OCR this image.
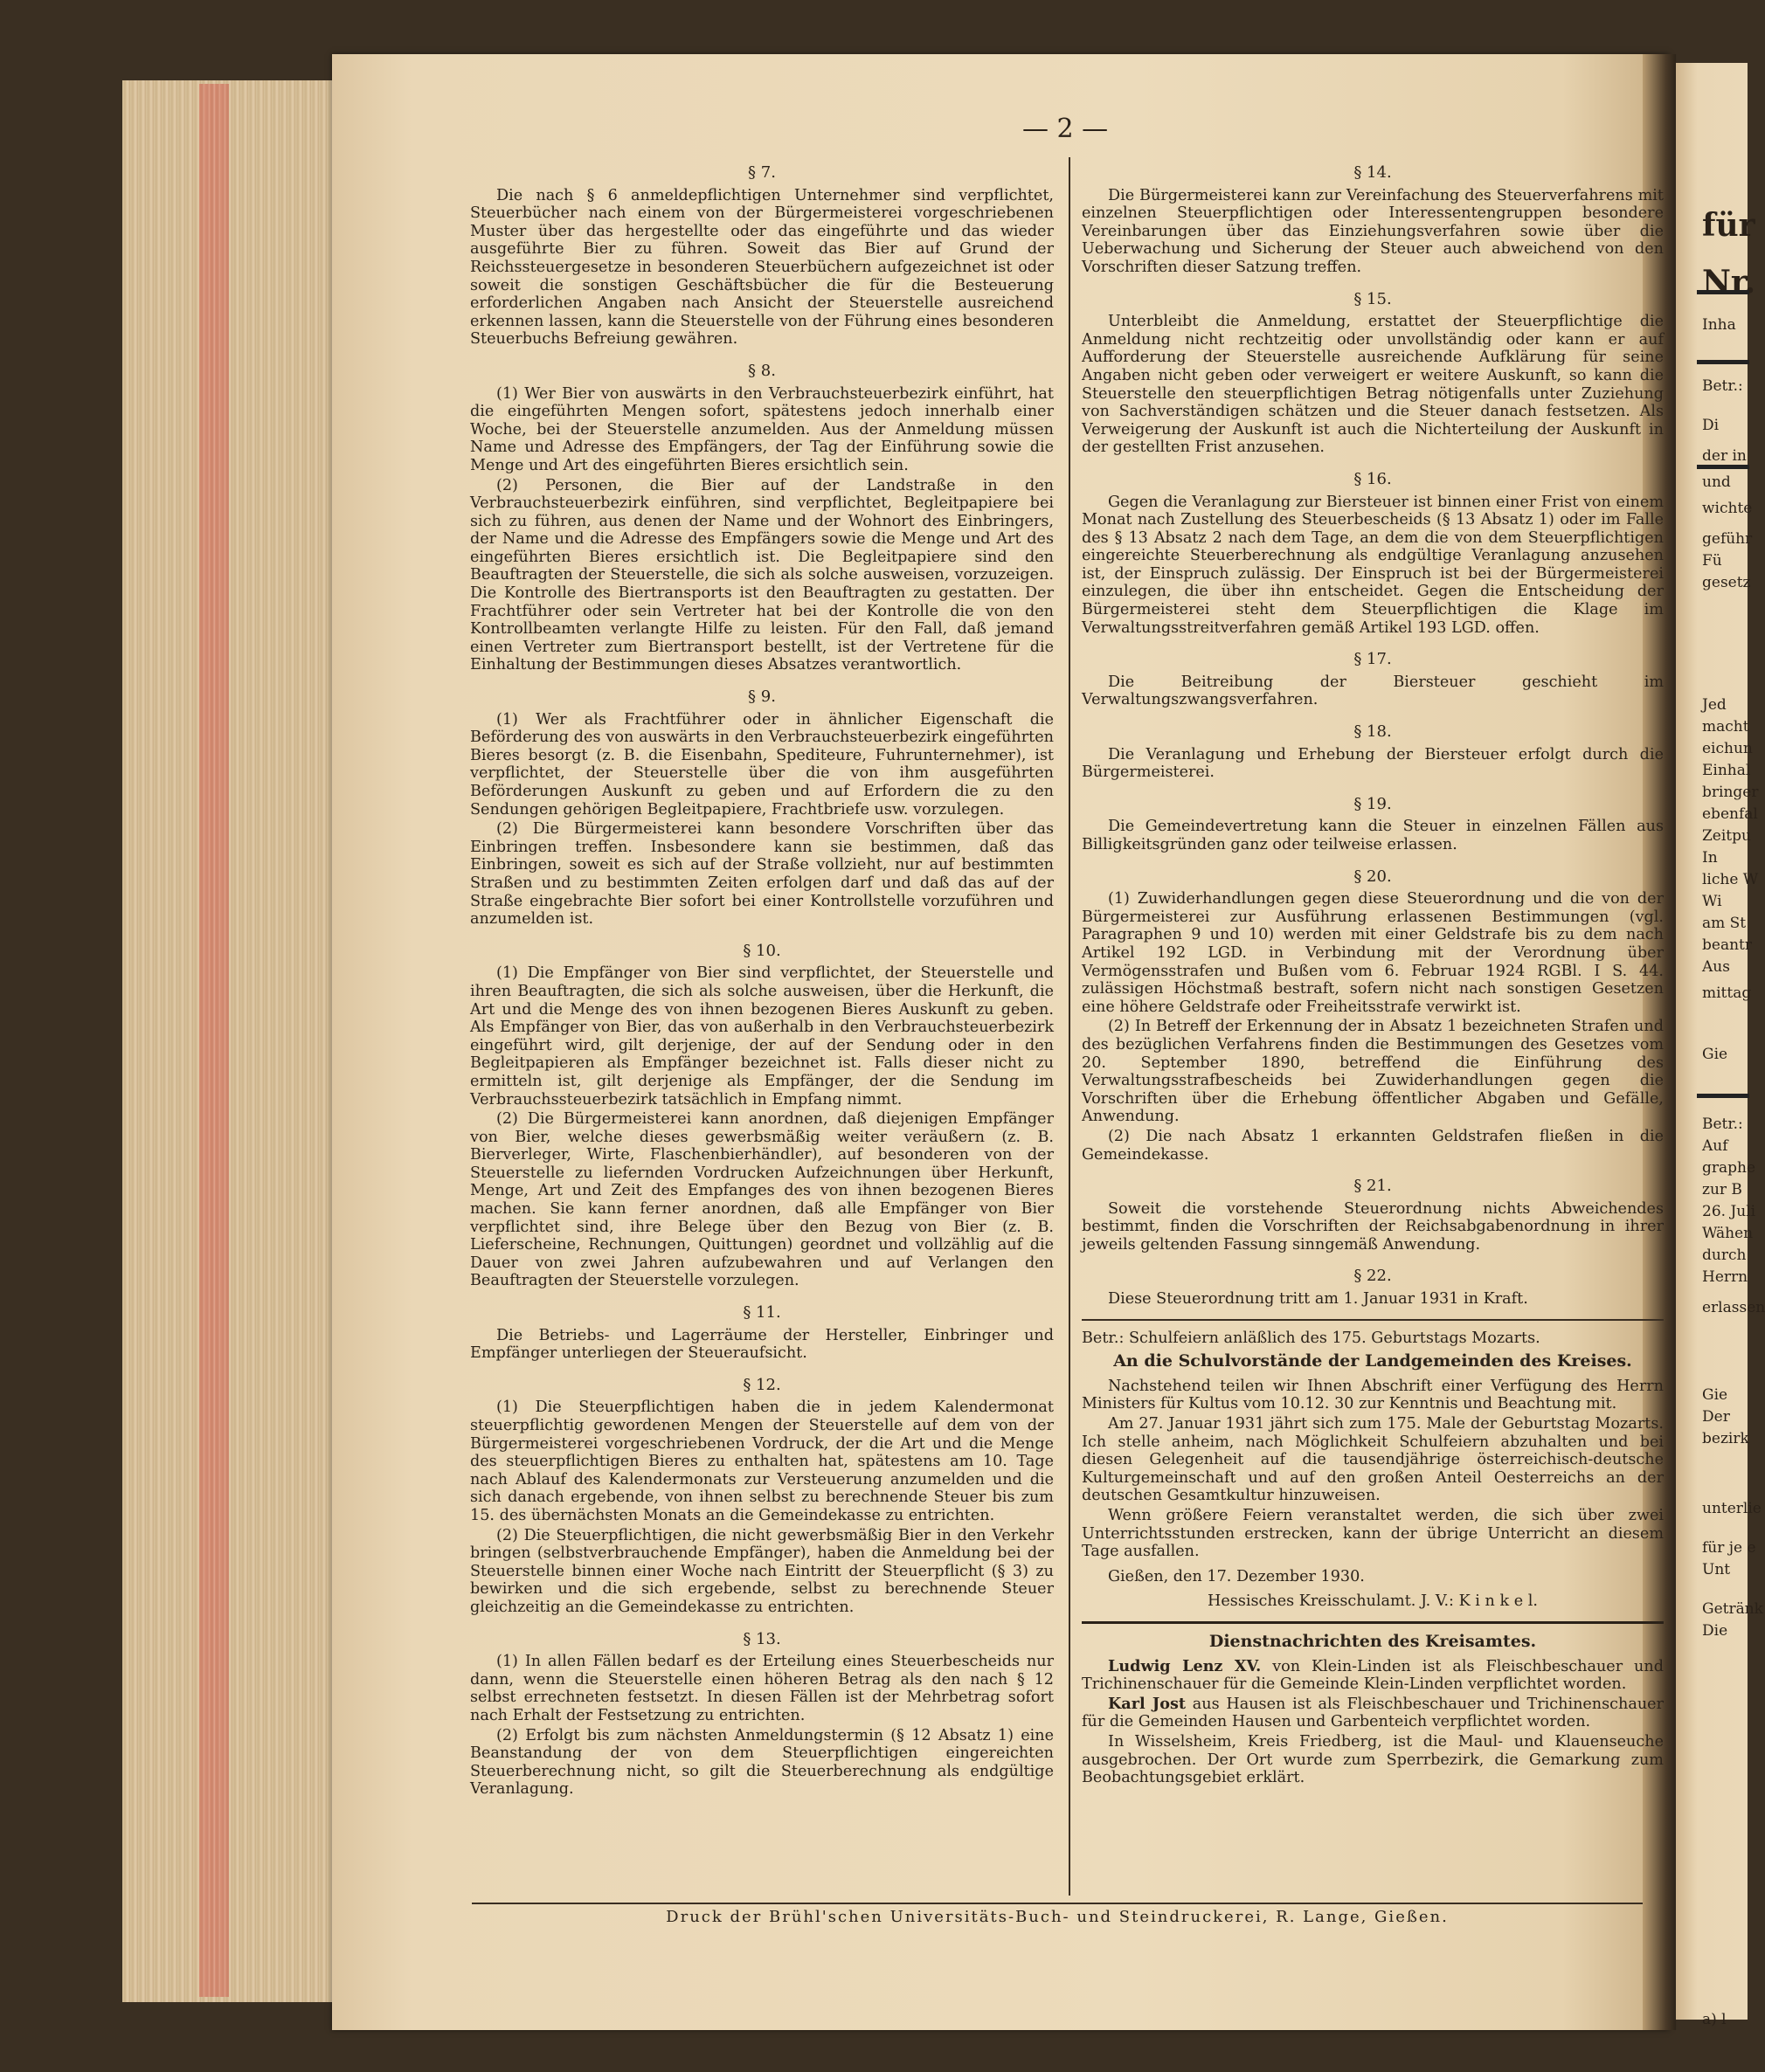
für
Nr.
Inha
Betr.:
Di
der in
und
wichte
geführ
Fü
gesetz
Jed
macht
eichun
Einhal
bringer
ebenfal
Zeitpu
In
liche W
Wi
am St
beantr
Aus
mittag
Gie
Betr.:
Auf
graphe
zur B
26. Juli
Wähen
durch
Herrn
erlassen
Gie
Der
bezirk
unterlie
für je e
Unt
Getränk
Die
a) l
— 2 —
§ 7.

Die nach § 6 anmeldepflichtigen Unternehmer sind verpflichtet, Steuerbücher nach einem von der Bürgermeisterei vorgeschriebenen Muster über das hergestellte oder das eingeführte und das wieder ausgeführte Bier zu führen. Soweit das Bier auf Grund der Reichssteuergesetze in besonderen Steuerbüchern aufgezeichnet ist oder soweit die sonstigen Geschäftsbücher die für die Besteuerung erforderlichen Angaben nach Ansicht der Steuerstelle ausreichend erkennen lassen, kann die Steuerstelle von der Führung eines besonderen Steuerbuchs Befreiung gewähren.

§ 8.

(1) Wer Bier von auswärts in den Verbrauchsteuerbezirk einführt, hat die eingeführten Mengen sofort, spätestens jedoch innerhalb einer Woche, bei der Steuerstelle anzumelden. Aus der Anmeldung müssen Name und Adresse des Empfängers, der Tag der Einführung sowie die Menge und Art des eingeführten Bieres ersichtlich sein.

(2) Personen, die Bier auf der Landstraße in den Verbrauchsteuerbezirk einführen, sind verpflichtet, Begleitpapiere bei sich zu führen, aus denen der Name und der Wohnort des Einbringers, der Name und die Adresse des Empfängers sowie die Menge und Art des eingeführten Bieres ersichtlich ist. Die Begleitpapiere sind den Beauftragten der Steuerstelle, die sich als solche ausweisen, vorzuzeigen. Die Kontrolle des Biertransports ist den Beauftragten zu gestatten. Der Frachtführer oder sein Vertreter hat bei der Kontrolle die von den Kontrollbeamten verlangte Hilfe zu leisten. Für den Fall, daß jemand einen Vertreter zum Biertransport bestellt, ist der Vertretene für die Einhaltung der Bestimmungen dieses Absatzes verantwortlich.

§ 9.

(1) Wer als Frachtführer oder in ähnlicher Eigenschaft die Beförderung des von auswärts in den Verbrauchsteuerbezirk eingeführten Bieres besorgt (z. B. die Eisenbahn, Spediteure, Fuhrunternehmer), ist verpflichtet, der Steuerstelle über die von ihm ausgeführten Beförderungen Auskunft zu geben und auf Erfordern die zu den Sendungen gehörigen Begleitpapiere, Frachtbriefe usw. vorzulegen.

(2) Die Bürgermeisterei kann besondere Vorschriften über das Einbringen treffen. Insbesondere kann sie bestimmen, daß das Einbringen, soweit es sich auf der Straße vollzieht, nur auf bestimmten Straßen und zu bestimmten Zeiten erfolgen darf und daß das auf der Straße eingebrachte Bier sofort bei einer Kontrollstelle vorzuführen und anzumelden ist.

§ 10.

(1) Die Empfänger von Bier sind verpflichtet, der Steuerstelle und ihren Beauftragten, die sich als solche ausweisen, über die Herkunft, die Art und die Menge des von ihnen bezogenen Bieres Auskunft zu geben. Als Empfänger von Bier, das von außerhalb in den Verbrauchsteuerbezirk eingeführt wird, gilt derjenige, der auf der Sendung oder in den Begleitpapieren als Empfänger bezeichnet ist. Falls dieser nicht zu ermitteln ist, gilt derjenige als Empfänger, der die Sendung im Verbrauchssteuerbezirk tatsächlich in Empfang nimmt.

(2) Die Bürgermeisterei kann anordnen, daß diejenigen Empfänger von Bier, welche dieses gewerbsmäßig weiter veräußern (z. B. Bierverleger, Wirte, Flaschenbierhändler), auf besonderen von der Steuerstelle zu liefernden Vordrucken Aufzeichnungen über Herkunft, Menge, Art und Zeit des Empfanges des von ihnen bezogenen Bieres machen. Sie kann ferner anordnen, daß alle Empfänger von Bier verpflichtet sind, ihre Belege über den Bezug von Bier (z. B. Lieferscheine, Rechnungen, Quittungen) geordnet und vollzählig auf die Dauer von zwei Jahren aufzubewahren und auf Verlangen den Beauftragten der Steuerstelle vorzulegen.

§ 11.

Die Betriebs- und Lagerräume der Hersteller, Einbringer und Empfänger unterliegen der Steueraufsicht.

§ 12.

(1) Die Steuerpflichtigen haben die in jedem Kalendermonat steuerpflichtig gewordenen Mengen der Steuerstelle auf dem von der Bürgermeisterei vorgeschriebenen Vordruck, der die Art und die Menge des steuerpflichtigen Bieres zu enthalten hat, spätestens am 10. Tage nach Ablauf des Kalendermonats zur Versteuerung anzumelden und die sich danach ergebende, von ihnen selbst zu berechnende Steuer bis zum 15. des übernächsten Monats an die Gemeindekasse zu entrichten.

(2) Die Steuerpflichtigen, die nicht gewerbsmäßig Bier in den Verkehr bringen (selbstverbrauchende Empfänger), haben die Anmeldung bei der Steuerstelle binnen einer Woche nach Eintritt der Steuerpflicht (§ 3) zu bewirken und die sich ergebende, selbst zu berechnende Steuer gleichzeitig an die Gemeindekasse zu entrichten.

§ 13.

(1) In allen Fällen bedarf es der Erteilung eines Steuerbescheids nur dann, wenn die Steuerstelle einen höheren Betrag als den nach § 12 selbst errechneten festsetzt. In diesen Fällen ist der Mehrbetrag sofort nach Erhalt der Festsetzung zu entrichten.

(2) Erfolgt bis zum nächsten Anmeldungstermin (§ 12 Absatz 1) eine Beanstandung der von dem Steuerpflichtigen eingereichten Steuerberechnung nicht, so gilt die Steuerberechnung als endgültige Veranlagung.

§ 14.

Die Bürgermeisterei kann zur Vereinfachung des Steuerverfahrens mit einzelnen Steuerpflichtigen oder Interessentengruppen besondere Vereinbarungen über das Einziehungsverfahren sowie über die Ueberwachung und Sicherung der Steuer auch abweichend von den Vorschriften dieser Satzung treffen.

§ 15.

Unterbleibt die Anmeldung, erstattet der Steuerpflichtige die Anmeldung nicht rechtzeitig oder unvollständig oder kann er auf Aufforderung der Steuerstelle ausreichende Aufklärung für seine Angaben nicht geben oder verweigert er weitere Auskunft, so kann die Steuerstelle den steuerpflichtigen Betrag nötigenfalls unter Zuziehung von Sachverständigen schätzen und die Steuer danach festsetzen. Als Verweigerung der Auskunft ist auch die Nichterteilung der Auskunft in der gestellten Frist anzusehen.

§ 16.

Gegen die Veranlagung zur Biersteuer ist binnen einer Frist von einem Monat nach Zustellung des Steuerbescheids (§ 13 Absatz 1) oder im Falle des § 13 Absatz 2 nach dem Tage, an dem die von dem Steuerpflichtigen eingereichte Steuerberechnung als endgültige Veranlagung anzusehen ist, der Einspruch zulässig. Der Einspruch ist bei der Bürgermeisterei einzulegen, die über ihn entscheidet. Gegen die Entscheidung der Bürgermeisterei steht dem Steuerpflichtigen die Klage im Verwaltungsstreitverfahren gemäß Artikel 193 LGD. offen.

§ 17.

Die Beitreibung der Biersteuer geschieht im Verwaltungszwangsverfahren.

§ 18.

Die Veranlagung und Erhebung der Biersteuer erfolgt durch die Bürgermeisterei.

§ 19.

Die Gemeindevertretung kann die Steuer in einzelnen Fällen aus Billigkeitsgründen ganz oder teilweise erlassen.

§ 20.

(1) Zuwiderhandlungen gegen diese Steuerordnung und die von der Bürgermeisterei zur Ausführung erlassenen Bestimmungen (vgl. Paragraphen 9 und 10) werden mit einer Geldstrafe bis zu dem nach Artikel 192 LGD. in Verbindung mit der Verordnung über Vermögensstrafen und Bußen vom 6. Februar 1924 RGBl. I S. 44. zulässigen Höchstmaß bestraft, sofern nicht nach sonstigen Gesetzen eine höhere Geldstrafe oder Freiheitsstrafe verwirkt ist.

(2) In Betreff der Erkennung der in Absatz 1 bezeichneten Strafen und des bezüglichen Verfahrens finden die Bestimmungen des Gesetzes vom 20. September 1890, betreffend die Einführung des Verwaltungsstrafbescheids bei Zuwiderhandlungen gegen die Vorschriften über die Erhebung öffentlicher Abgaben und Gefälle, Anwendung.

(2) Die nach Absatz 1 erkannten Geldstrafen fließen in die Gemeindekasse.

§ 21.

Soweit die vorstehende Steuerordnung nichts Abweichendes bestimmt, finden die Vorschriften der Reichsabgabenordnung in ihrer jeweils geltenden Fassung sinngemäß Anwendung.

§ 22.

Diese Steuerordnung tritt am 1. Januar 1931 in Kraft.

Betr.: Schulfeiern anläßlich des 175. Geburtstags Mozarts.

An die Schulvorstände der Landgemeinden des Kreises.

Nachstehend teilen wir Ihnen Abschrift einer Verfügung des Herrn Ministers für Kultus vom 10.12. 30 zur Kenntnis und Beachtung mit.

Am 27. Januar 1931 jährt sich zum 175. Male der Geburtstag Mozarts. Ich stelle anheim, nach Möglichkeit Schulfeiern abzuhalten und bei diesen Gelegenheit auf die tausendjährige österreichisch-deutsche Kulturgemeinschaft und auf den großen Anteil Oesterreichs an der deutschen Gesamtkultur hinzuweisen.

Wenn größere Feiern veranstaltet werden, die sich über zwei Unterrichtsstunden erstrecken, kann der übrige Unterricht an diesem Tage ausfallen.

Gießen, den 17. Dezember 1930.

Hessisches Kreisschulamt. J. V.: K i n k e l.

Dienstnachrichten des Kreisamtes.

Ludwig Lenz XV. von Klein-Linden ist als Fleischbeschauer und Trichinenschauer für die Gemeinde Klein-Linden verpflichtet worden.

Karl Jost aus Hausen ist als Fleischbeschauer und Trichinenschauer für die Gemeinden Hausen und Garbenteich verpflichtet worden.

In Wisselsheim, Kreis Friedberg, ist die Maul- und Klauenseuche ausgebrochen. Der Ort wurde zum Sperrbezirk, die Gemarkung zum Beobachtungsgebiet erklärt.

Druck der Brühl'schen Universitäts-Buch- und Steindruckerei, R. Lange, Gießen.
